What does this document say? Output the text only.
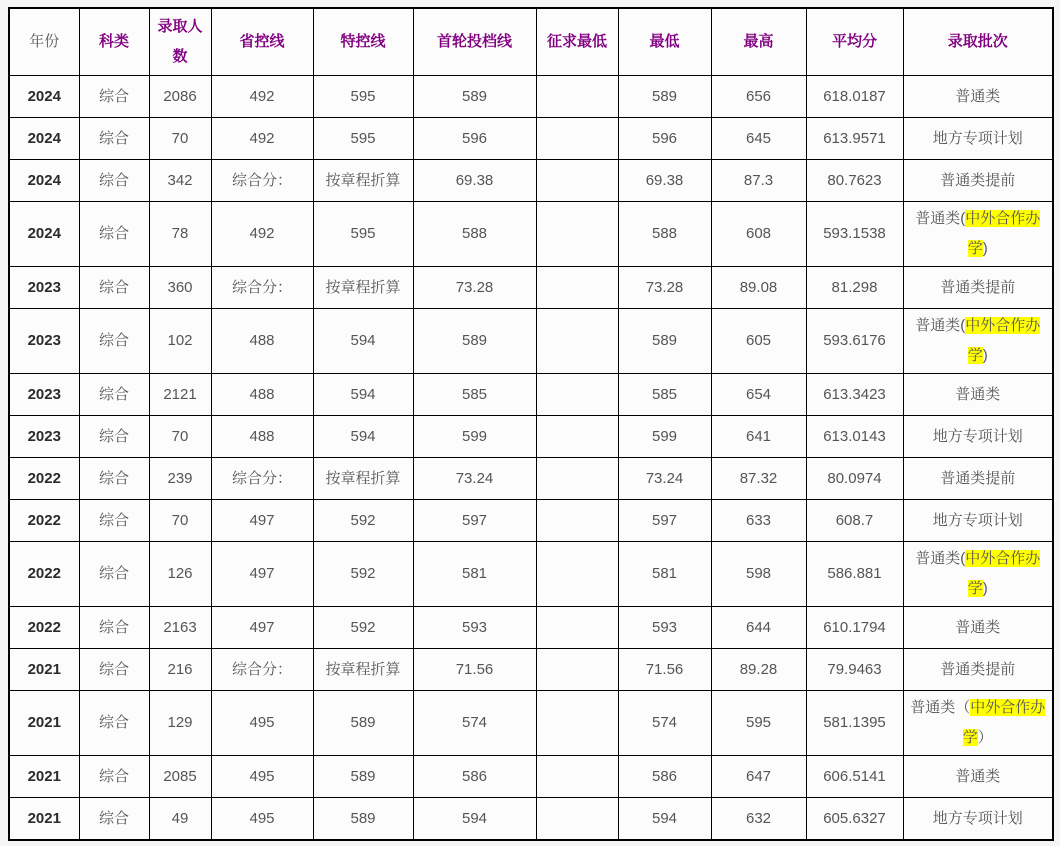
年份	科类	录取人数	省控线	特控线	首轮投档线	征求最低	最低	最高	平均分	录取批次
2024	综合	2086	492	595	589		589	656	618.0187	普通类
2024	综合	70	492	595	596		596	645	613.9571	地方专项计划
2024	综合	342	综合分：	按章程折算	69.38		69.38	87.3	80.7623	普通类提前
2024	综合	78	492	595	588		588	608	593.1538	普通类(中外合作办学)
2023	综合	360	综合分：	按章程折算	73.28		73.28	89.08	81.298	普通类提前
2023	综合	102	488	594	589		589	605	593.6176	普通类(中外合作办学)
2023	综合	2121	488	594	585		585	654	613.3423	普通类
2023	综合	70	488	594	599		599	641	613.0143	地方专项计划
2022	综合	239	综合分：	按章程折算	73.24		73.24	87.32	80.0974	普通类提前
2022	综合	70	497	592	597		597	633	608.7	地方专项计划
2022	综合	126	497	592	581		581	598	586.881	普通类(中外合作办学)
2022	综合	2163	497	592	593		593	644	610.1794	普通类
2021	综合	216	综合分：	按章程折算	71.56		71.56	89.28	79.9463	普通类提前
2021	综合	129	495	589	574		574	595	581.1395	普通类（中外合作办学）
2021	综合	2085	495	589	586		586	647	606.5141	普通类
2021	综合	49	495	589	594		594	632	605.6327	地方专项计划
